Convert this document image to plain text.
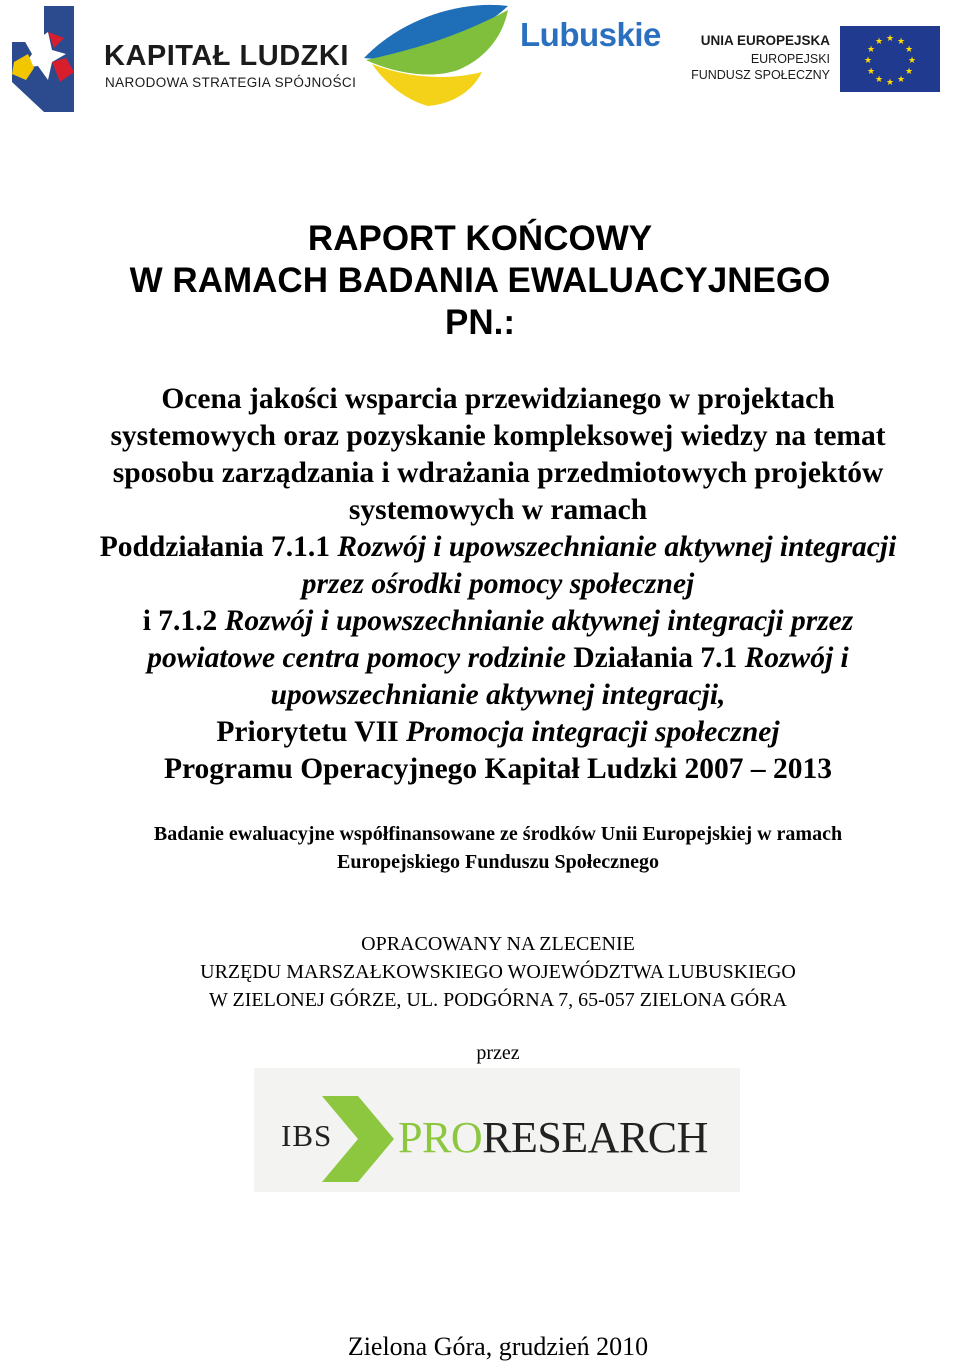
KAPITAŁ LUDZKI
NARODOWA STRATEGIA SPÓJNOŚCI
Lubuskie	UNIA EUROPEJSKA
EUROPEJSKI
FUNDUSZ SPOŁECZNY
★ ★
★
★
★
★
★
★
★
★
★
★
RAPORT KOŃCOWY
W RAMACH BADANIA EWALUACYJNEGO
PN.:
Ocena jakości wsparcia przewidzianego w projektach
systemowych oraz pozyskanie kompleksowej wiedzy na temat
sposobu zarządzania i wdrażania przedmiotowych projektów
systemowych w ramach
Poddziałania 7.1.1 Rozwój i upowszechnianie aktywnej integracji
przez ośrodki pomocy społecznej
i 7.1.2 Rozwój i upowszechnianie aktywnej integracji przez
powiatowe centra pomocy rodzinie Działania 7.1 Rozwój i
upowszechnianie aktywnej integracji,
Priorytetu VII Promocja integracji społecznej
Programu Operacyjnego Kapitał Ludzki 2007 – 2013
Badanie ewaluacyjne współfinansowane ze środków Unii Europejskiej w ramach
Europejskiego Funduszu Społecznego
OPRACOWANY NA ZLECENIE
URZĘDU MARSZAŁKOWSKIEGO WOJEWÓDZTWA LUBUSKIEGO
W ZIELONEJ GÓRZE, UL. PODGÓRNA 7, 65-057 ZIELONA GÓRA
przez
IBS PRORESEARCH
Zielona Góra, grudzień 2010
